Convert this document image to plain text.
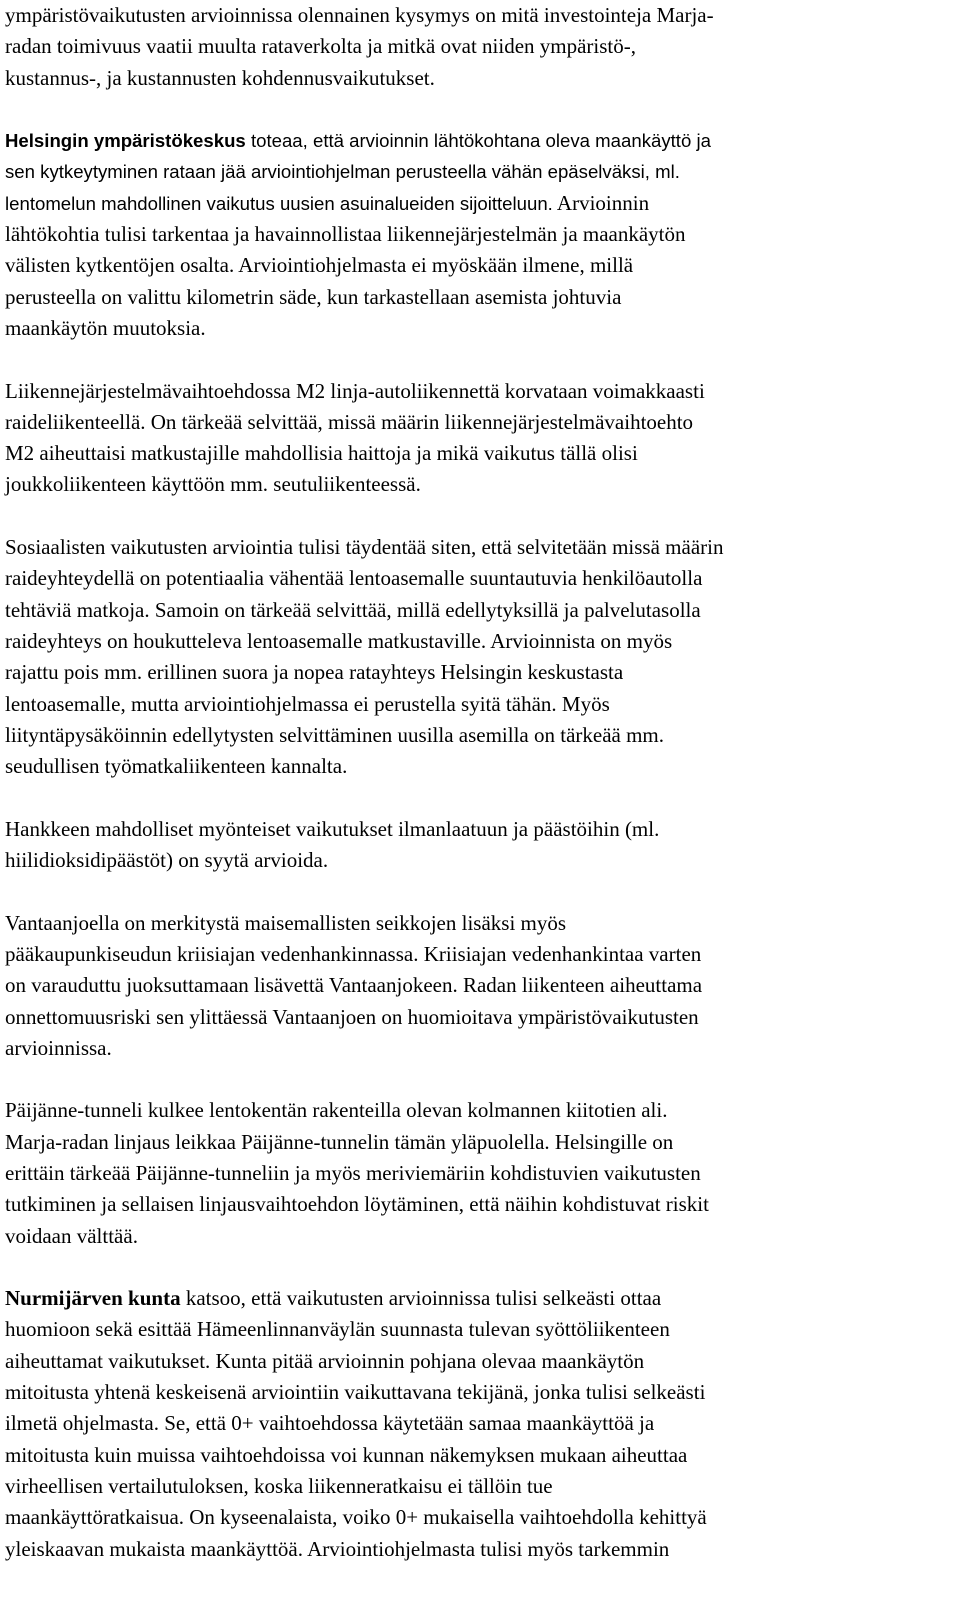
ympäristövaikutusten arvioinnissa olennainen kysymys on mitä investointeja Marja-
radan toimivuus vaatii muulta rataverkolta ja mitkä ovat niiden ympäristö-,
kustannus-, ja kustannusten kohdennusvaikutukset.

Helsingin ympäristökeskus toteaa, että arvioinnin lähtökohtana oleva maankäyttö ja
sen kytkeytyminen rataan jää arviointiohjelman perusteella vähän epäselväksi, ml.
lentomelun mahdollinen vaikutus uusien asuinalueiden sijoitteluun. Arvioinnin
lähtökohtia tulisi tarkentaa ja havainnollistaa liikennejärjestelmän ja maankäytön
välisten kytkentöjen osalta. Arviointiohjelmasta ei myöskään ilmene, millä
perusteella on valittu kilometrin säde, kun tarkastellaan asemista johtuvia
maankäytön muutoksia.

Liikennejärjestelmävaihtoehdossa M2 linja-autoliikennettä korvataan voimakkaasti
raideliikenteellä. On tärkeää selvittää, missä määrin liikennejärjestelmävaihtoehto
M2 aiheuttaisi matkustajille mahdollisia haittoja ja mikä vaikutus tällä olisi
joukkoliikenteen käyttöön mm. seutuliikenteessä.

Sosiaalisten vaikutusten arviointia tulisi täydentää siten, että selvitetään missä määrin
raideyhteydellä on potentiaalia vähentää lentoasemalle suuntautuvia henkilöautolla
tehtäviä matkoja. Samoin on tärkeää selvittää, millä edellytyksillä ja palvelutasolla
raideyhteys on houkutteleva lentoasemalle matkustaville. Arvioinnista on myös
rajattu pois mm. erillinen suora ja nopea ratayhteys Helsingin keskustasta
lentoasemalle, mutta arviointiohjelmassa ei perustella syitä tähän. Myös
liityntäpysäköinnin edellytysten selvittäminen uusilla asemilla on tärkeää mm.
seudullisen työmatkaliikenteen kannalta.

Hankkeen mahdolliset myönteiset vaikutukset ilmanlaatuun ja päästöihin (ml.
hiilidioksidipäästöt) on syytä arvioida.

Vantaanjoella on merkitystä maisemallisten seikkojen lisäksi myös
pääkaupunkiseudun kriisiajan vedenhankinnassa. Kriisiajan vedenhankintaa varten
on varauduttu juoksuttamaan lisävettä Vantaanjokeen. Radan liikenteen aiheuttama
onnettomuusriski sen ylittäessä Vantaanjoen on huomioitava ympäristövaikutusten
arvioinnissa.

Päijänne-tunneli kulkee lentokentän rakenteilla olevan kolmannen kiitotien ali.
Marja-radan linjaus leikkaa Päijänne-tunnelin tämän yläpuolella. Helsingille on
erittäin tärkeää Päijänne-tunneliin ja myös meriviemäriin kohdistuvien vaikutusten
tutkiminen ja sellaisen linjausvaihtoehdon löytäminen, että näihin kohdistuvat riskit
voidaan välttää.

Nurmijärven kunta katsoo, että vaikutusten arvioinnissa tulisi selkeästi ottaa
huomioon sekä esittää Hämeenlinnanväylän suunnasta tulevan syöttöliikenteen
aiheuttamat vaikutukset. Kunta pitää arvioinnin pohjana olevaa maankäytön
mitoitusta yhtenä keskeisenä arviointiin vaikuttavana tekijänä, jonka tulisi selkeästi
ilmetä ohjelmasta. Se, että 0+ vaihtoehdossa käytetään samaa maankäyttöä ja
mitoitusta kuin muissa vaihtoehdoissa voi kunnan näkemyksen mukaan aiheuttaa
virheellisen vertailutuloksen, koska liikenneratkaisu ei tällöin tue
maankäyttöratkaisua. On kyseenalaista, voiko 0+ mukaisella vaihtoehdolla kehittyä
yleiskaavan mukaista maankäyttöä. Arviointiohjelmasta tulisi myös tarkemmin
